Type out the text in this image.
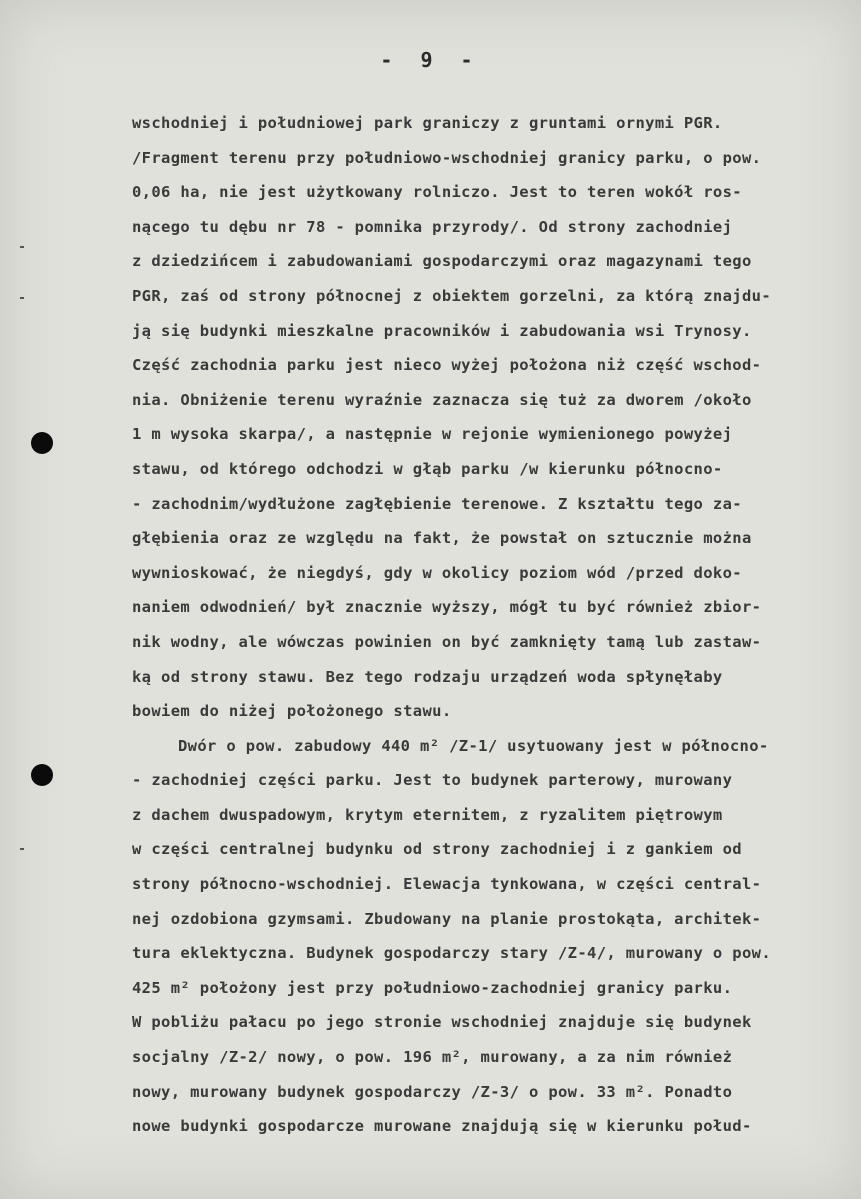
- 9 -
wschodniej i południowej park graniczy z gruntami ornymi PGR.
/Fragment terenu przy południowo-wschodniej granicy parku, o pow.
0,06 ha, nie jest użytkowany rolniczo. Jest to teren wokół ros-
nącego tu dębu nr 78 - pomnika przyrody/. Od strony zachodniej
z dziedzińcem i zabudowaniami gospodarczymi oraz magazynami tego
PGR, zaś od strony północnej z obiektem gorzelni, za którą znajdu-
ją się budynki mieszkalne pracowników i zabudowania wsi Trynosy.
Część zachodnia parku jest nieco wyżej położona niż część wschod-
nia. Obniżenie terenu wyraźnie zaznacza się tuż za dworem /około
1 m wysoka skarpa/, a następnie w rejonie wymienionego powyżej
stawu, od którego odchodzi w głąb parku /w kierunku północno-
- zachodnim/wydłużone zagłębienie terenowe. Z kształtu tego za-
głębienia oraz ze względu na fakt, że powstał on sztucznie można
wywnioskować, że niegdyś, gdy w okolicy poziom wód /przed doko-
naniem odwodnień/ był znacznie wyższy, mógł tu być również zbior-
nik wodny, ale wówczas powinien on być zamknięty tamą lub zastaw-
ką od strony stawu. Bez tego rodzaju urządzeń woda spłynęłaby
bowiem do niżej położonego stawu.
Dwór o pow. zabudowy 440 m² /Z-1/ usytuowany jest w północno-
- zachodniej części parku. Jest to budynek parterowy, murowany
z dachem dwuspadowym, krytym eternitem, z ryzalitem piętrowym
w części centralnej budynku od strony zachodniej i z gankiem od
strony północno-wschodniej. Elewacja tynkowana, w części central-
nej ozdobiona gzymsami. Zbudowany na planie prostokąta, architek-
tura eklektyczna. Budynek gospodarczy stary /Z-4/, murowany o pow.
425 m² położony jest przy południowo-zachodniej granicy parku.
W pobliżu pałacu po jego stronie wschodniej znajduje się budynek
socjalny /Z-2/ nowy, o pow. 196 m², murowany, a za nim również
nowy, murowany budynek gospodarczy /Z-3/ o pow. 33 m². Ponadto
nowe budynki gospodarcze murowane znajdują się w kierunku połud-
